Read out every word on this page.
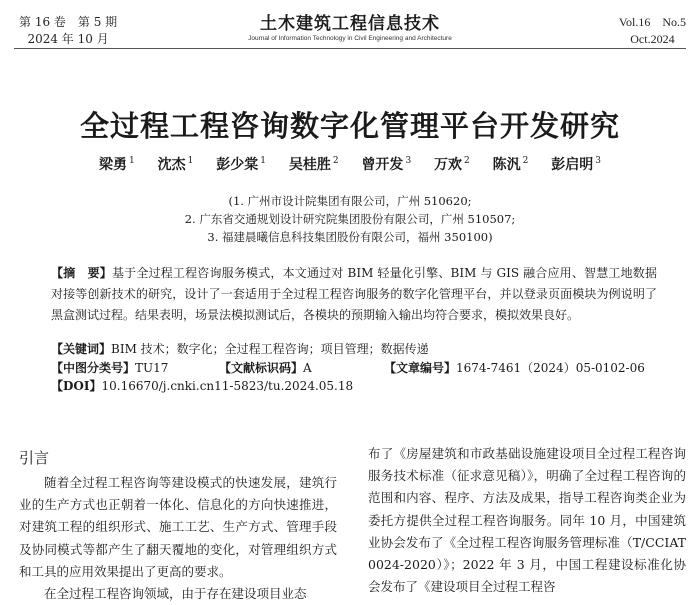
第 16 卷　第 5 期
2024 年 10 月
土木建筑工程信息技术
Journal of Information Technology in Civil Engineering and Architecture
Vol.16　No.5
Oct.2024
全过程工程咨询数字化管理平台开发研究
梁勇 $^1$ 沈杰 $^1$ 彭少棠 $^1$ 吴桂胜 $^2$ 曾开发 $^3$ 万欢 $^2$ 陈汎 $^2$ 彭启明 $^3$
(1. 广州市设计院集团有限公司，广州 510620;
2. 广东省交通规划设计研究院集团股份有限公司，广州 510507;
3. 福建晨曦信息科技集团股份有限公司，福州 350100)
【摘　要】基于全过程工程咨询服务模式，本文通过对 BIM 轻量化引擎、BIM 与 GIS 融合应用、智慧工地数据对接等创新技术的研究，设计了一套适用于全过程工程咨询服务的数字化管理平台，并以登录页面模块为例说明了黑盒测试过程。结果表明，场景法模拟测试后，各模块的预期输入输出均符合要求，模拟效果良好。
【关键词】BIM 技术；数字化；全过程工程咨询；项目管理；数据传递
【中图分类号】TU17	【文献标识码】A	【文章编号】1674-7461（2024）05-0102-06
【DOI】10.16670/j.cnki.cn11-5823/tu.2024.05.18
引言

随着全过程工程咨询等建设模式的快速发展，建筑行业的生产方式也正朝着一体化、信息化的方向快速推进，对建筑工程的组织形式、施工工艺、生产方式、管理手段及协同模式等都产生了翻天覆地的变化，对管理组织方式和工具的应用效果提出了更高的要求。

在全过程工程咨询领域，由于存在建设项目业态

布了《房屋建筑和市政基础设施建设项目全过程工程咨询服务技术标准（征求意见稿）》，明确了全过程工程咨询的范围和内容、程序、方法及成果，指导工程咨询类企业为委托方提供全过程工程咨询服务。同年 10 月，中国建筑业协会发布了《全过程工程咨询服务管理标准（T/CCIAT 0024-2020）》；2022 年 3 月，中国工程建设标准化协会发布了《建设项目全过程工程咨
